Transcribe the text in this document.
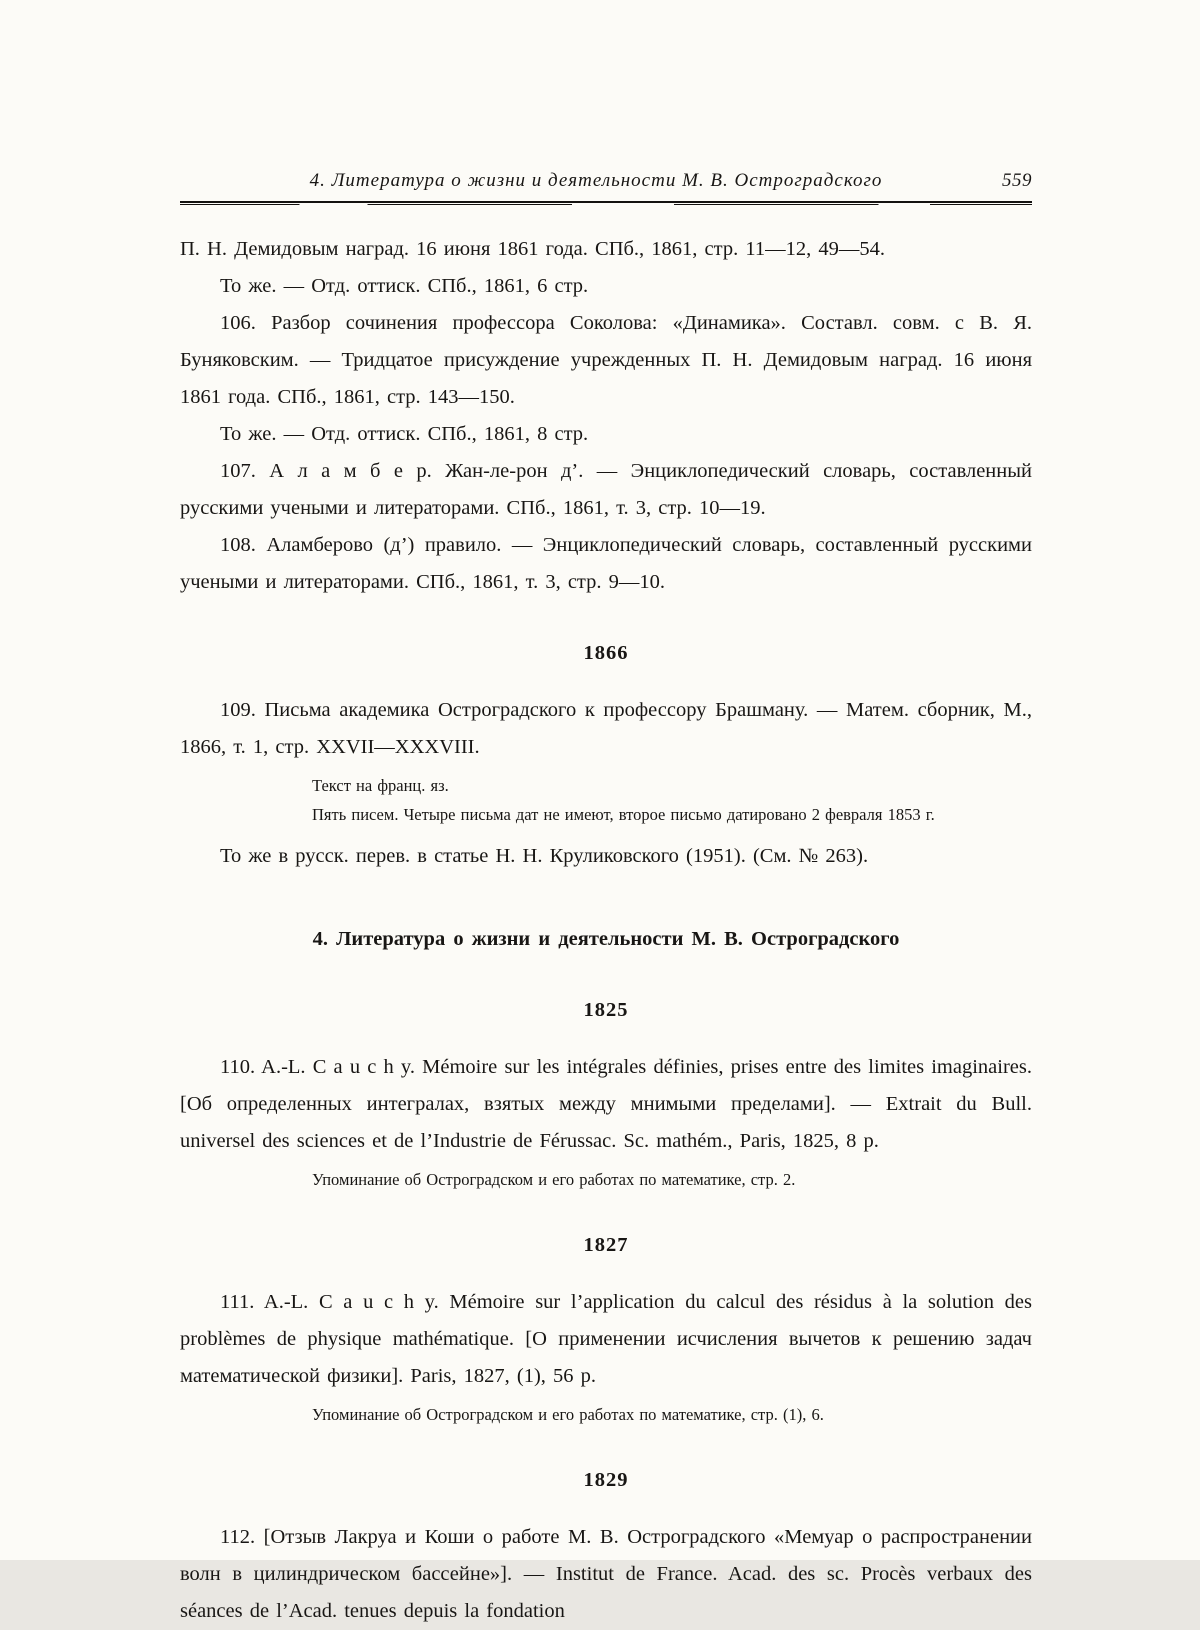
4. Литература о жизни и деятельности М. В. Остроградского	559

П. Н. Демидовым наград. 16 июня 1861 года. СПб., 1861, стр. 11—12, 49—54.

То же. — Отд. оттиск. СПб., 1861, 6 стр.

106. Разбор сочинения профессора Соколова: «Динамика». Составл. совм. с В. Я. Буняковским. — Тридцатое присуждение учрежденных П. Н. Демидовым наград. 16 июня 1861 года. СПб., 1861, стр. 143—150.

То же. — Отд. оттиск. СПб., 1861, 8 стр.

107. А л а м б е р. Жан-ле-рон д’. — Энциклопедический словарь, составленный русскими учеными и литераторами. СПб., 1861, т. 3, стр. 10—19.

108. Аламберово (д’) правило. — Энциклопедический словарь, составленный русскими учеными и литераторами. СПб., 1861, т. 3, стр. 9—10.

1866

109. Письма академика Остроградского к профессору Брашману. — Матем. сборник, М., 1866, т. 1, стр. XXVII—XXXVIII.

Текст на франц. яз.

Пять писем. Четыре письма дат не имеют, второе письмо датировано 2 февраля 1853 г.

То же в русск. перев. в статье Н. Н. Круликовского (1951). (См. № 263).

4. Литература о жизни и деятельности М. В. Остроградского
1825

110. A.-L. C a u c h y. Mémoire sur les intégrales définies, prises entre des limites imaginaires. [Об определенных интегралах, взятых между мнимыми пределами]. — Extrait du Bull. universel des sciences et de l’Industrie de Férussac. Sc. mathém., Paris, 1825, 8 p.

Упоминание об Остроградском и его работах по математике, стр. 2.

1827

111. A.-L. C a u c h y. Mémoire sur l’application du calcul des résidus à la solution des problèmes de physique mathématique. [О применении исчисления вычетов к решению задач математической физики]. Paris, 1827, (1), 56 p.

Упоминание об Остроградском и его работах по математике, стр. (1), 6.

1829

112. [Отзыв Лакруа и Коши о работе М. В. Остроградского «Мемуар о распространении волн в цилиндрическом бассейне»]. — Institut de France. Acad. des sc. Procès verbaux des séances de l’Acad. tenues depuis la fondation
